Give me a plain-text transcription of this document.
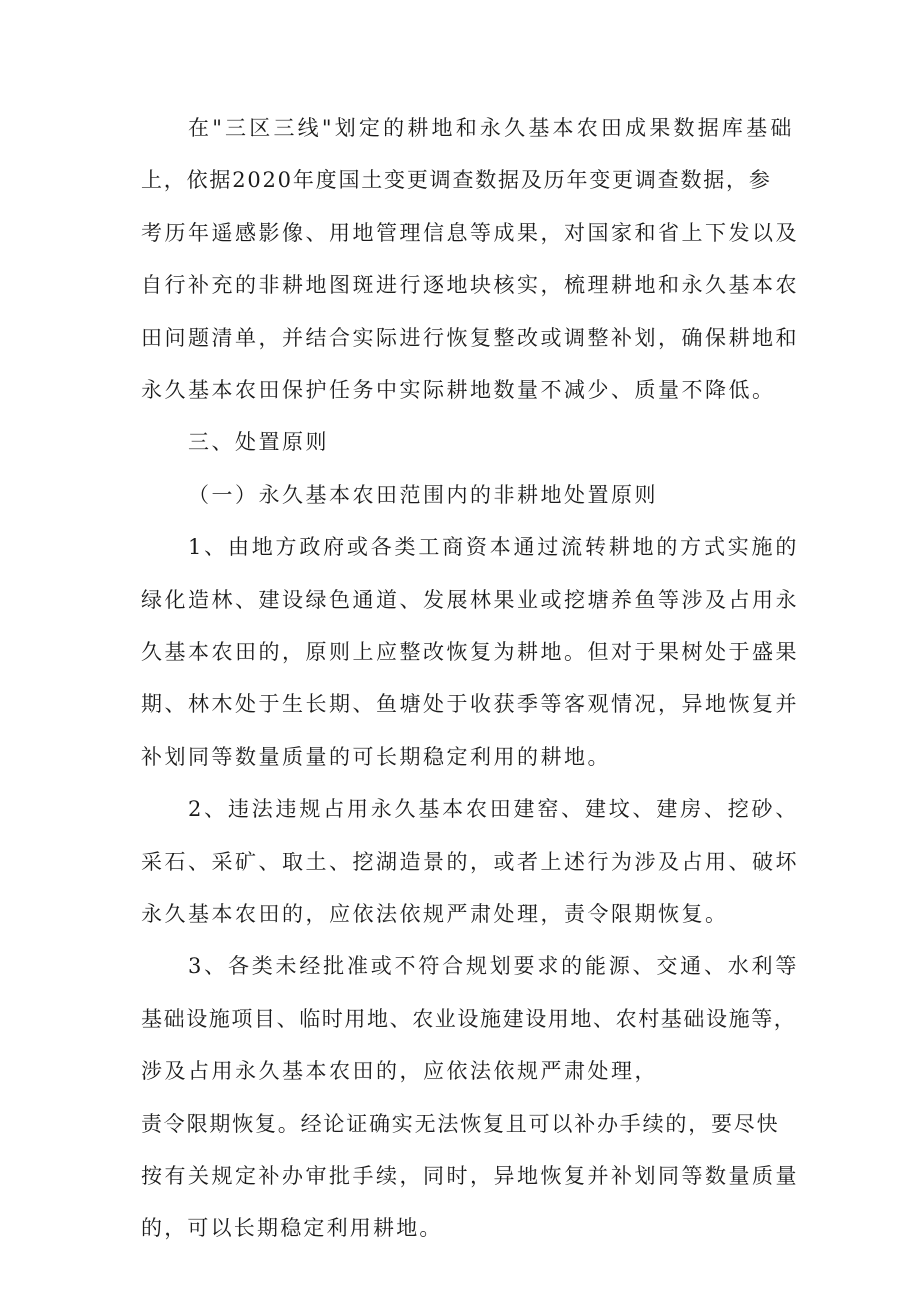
在"三区三线"划定的耕地和永久基本农田成果数据库基础
上，依据2020年度国土变更调查数据及历年变更调查数据，参
考历年遥感影像、用地管理信息等成果，对国家和省上下发以及
自行补充的非耕地图斑进行逐地块核实，梳理耕地和永久基本农
田问题清单，并结合实际进行恢复整改或调整补划，确保耕地和
永久基本农田保护任务中实际耕地数量不减少、质量不降低。
三、处置原则
（一）永久基本农田范围内的非耕地处置原则
1、由地方政府或各类工商资本通过流转耕地的方式实施的
绿化造林、建设绿色通道、发展林果业或挖塘养鱼等涉及占用永
久基本农田的，原则上应整改恢复为耕地。但对于果树处于盛果
期、林木处于生长期、鱼塘处于收获季等客观情况，异地恢复并
补划同等数量质量的可长期稳定利用的耕地。
2、违法违规占用永久基本农田建窑、建坟、建房、挖砂、
采石、采矿、取土、挖湖造景的，或者上述行为涉及占用、破坏
永久基本农田的，应依法依规严肃处理，责令限期恢复。
3、各类未经批准或不符合规划要求的能源、交通、水利等
基础设施项目、临时用地、农业设施建设用地、农村基础设施等，
涉及占用永久基本农田的，应依法依规严肃处理，
责令限期恢复。经论证确实无法恢复且可以补办手续的，要尽快
按有关规定补办审批手续，同时，异地恢复并补划同等数量质量
的，可以长期稳定利用耕地。
